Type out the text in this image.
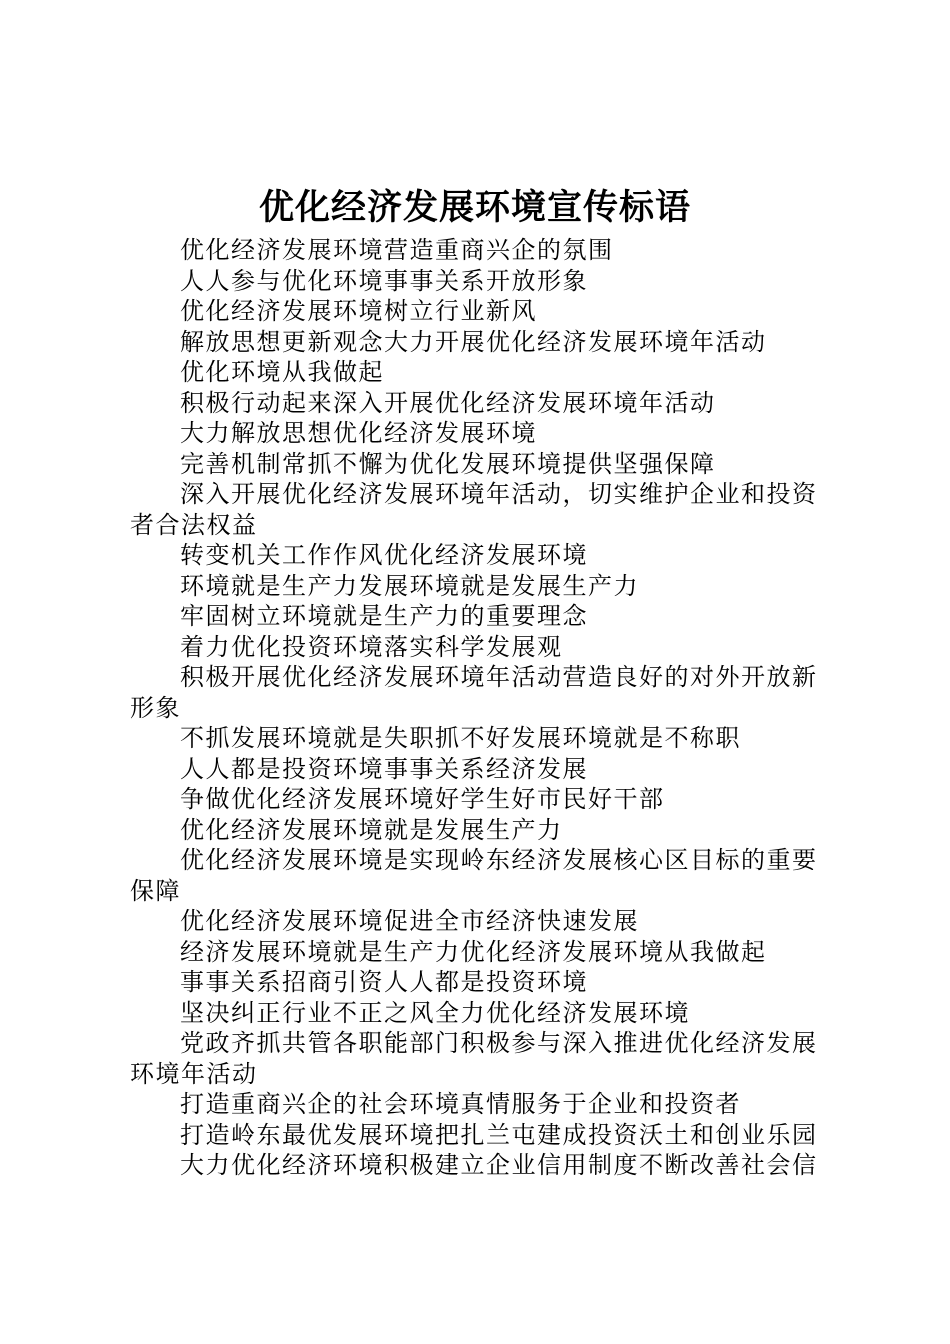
优化经济发展环境宣传标语

优化经济发展环境营造重商兴企的氛围

人人参与优化环境事事关系开放形象

优化经济发展环境树立行业新风

解放思想更新观念大力开展优化经济发展环境年活动

优化环境从我做起

积极行动起来深入开展优化经济发展环境年活动

大力解放思想优化经济发展环境

完善机制常抓不懈为优化发展环境提供坚强保障

深入开展优化经济发展环境年活动，切实维护企业和投资者合法权益

转变机关工作作风优化经济发展环境

环境就是生产力发展环境就是发展生产力

牢固树立环境就是生产力的重要理念

着力优化投资环境落实科学发展观

积极开展优化经济发展环境年活动营造良好的对外开放新形象

不抓发展环境就是失职抓不好发展环境就是不称职

人人都是投资环境事事关系经济发展

争做优化经济发展环境好学生好市民好干部

优化经济发展环境就是发展生产力

优化经济发展环境是实现岭东经济发展核心区目标的重要保障

优化经济发展环境促进全市经济快速发展

经济发展环境就是生产力优化经济发展环境从我做起

事事关系招商引资人人都是投资环境

坚决纠正行业不正之风全力优化经济发展环境

党政齐抓共管各职能部门积极参与深入推进优化经济发展环境年活动

打造重商兴企的社会环境真情服务于企业和投资者

打造岭东最优发展环境把扎兰屯建成投资沃土和创业乐园

大力优化经济环境积极建立企业信用制度不断改善社会信
